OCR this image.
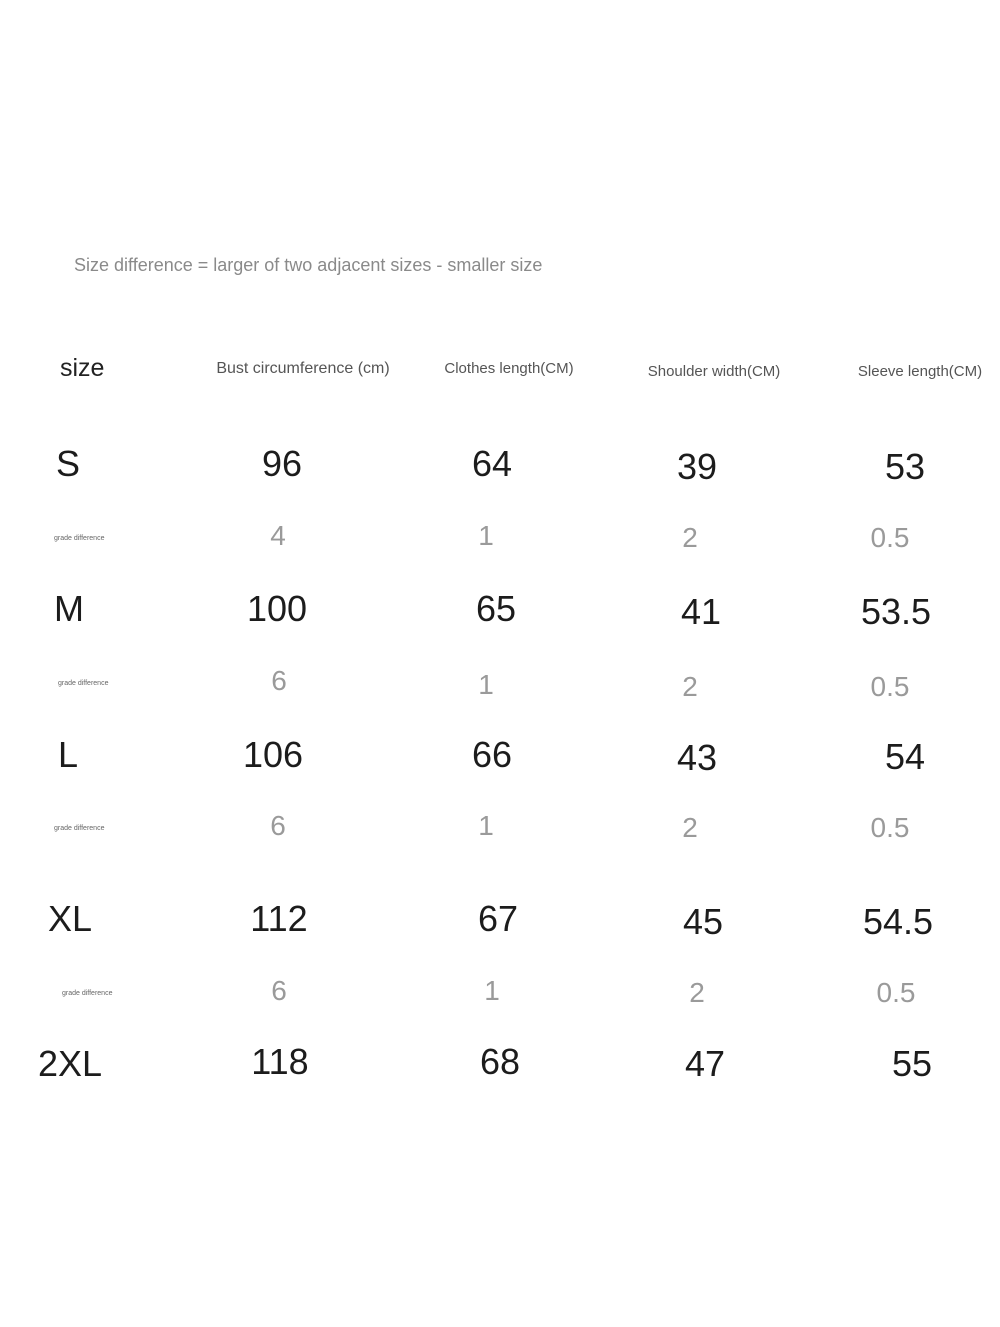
Size difference = larger of two adjacent sizes - smaller size
size	Bust circumference (cm)	Clothes length(CM)	Shoulder width(CM)	Sleeve length(CM)
S	96	64	39	53
grade difference	4	1	2	0.5
M	100	65	41	53.5
grade difference	6	1	2	0.5
L	106	66	43	54
grade difference	6	1	2	0.5
XL	112	67	45	54.5
grade difference	6	1	2	0.5
2XL	118	68	47	55
